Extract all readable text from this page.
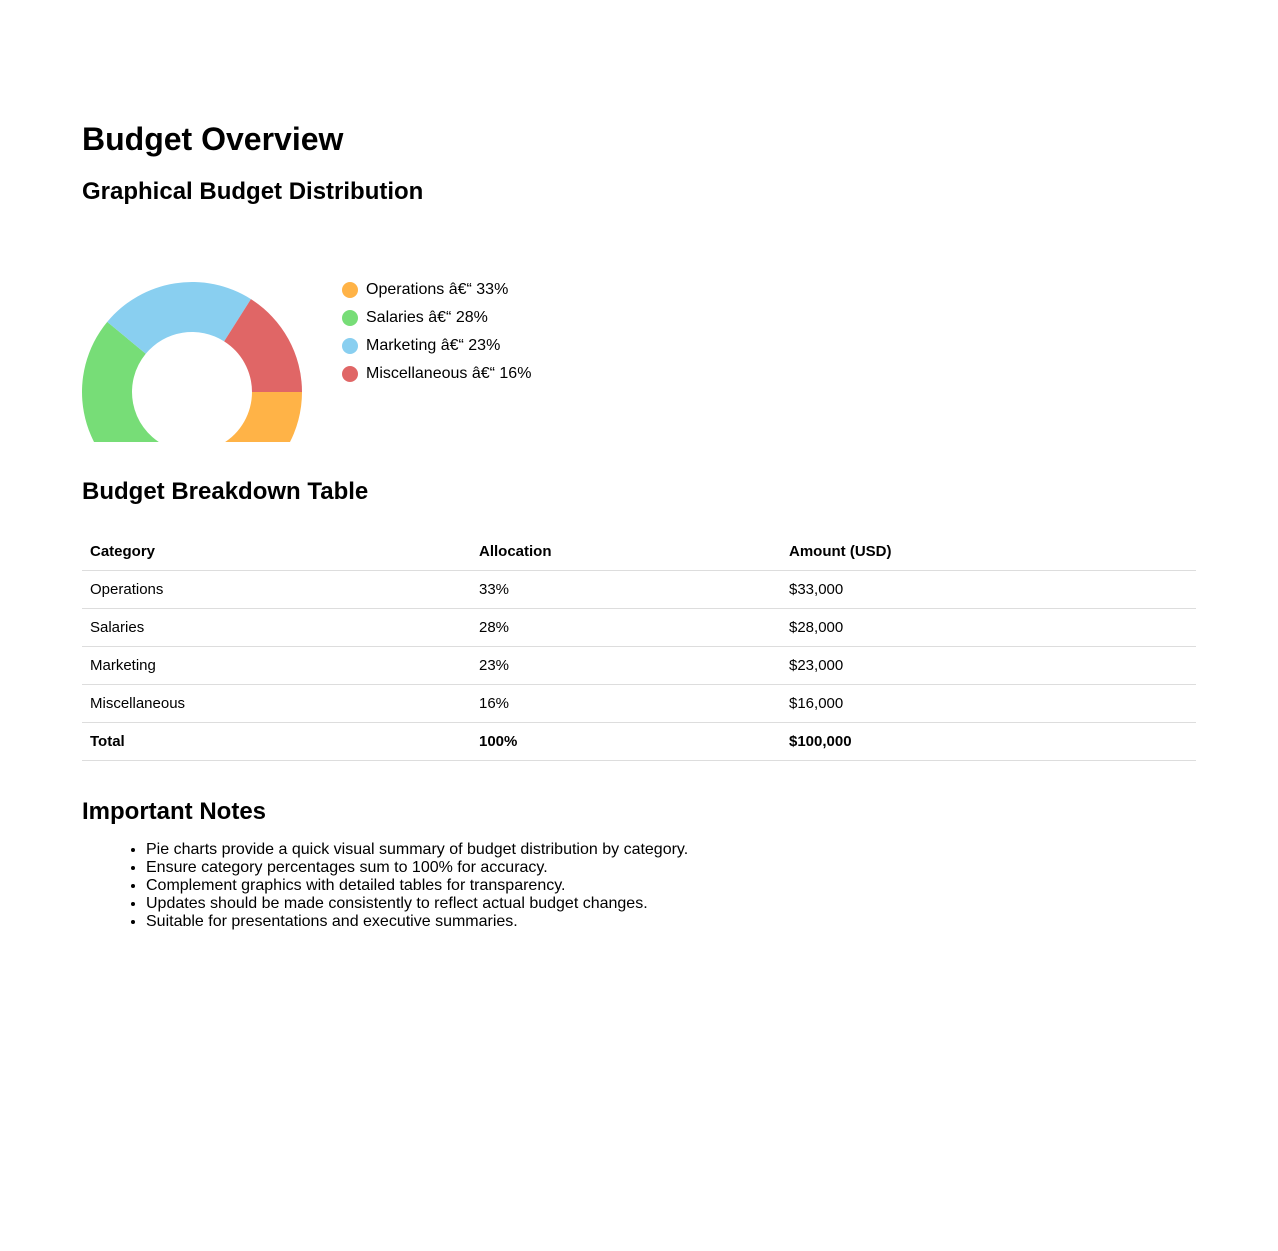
Budget Overview
Graphical Budget Distribution
Operations â€“ 33%
Salaries â€“ 28%
Marketing â€“ 23%
Miscellaneous â€“ 16%
Budget Breakdown Table
Category	Allocation	Amount (USD)
Operations	33%	$33,000
Salaries	28%	$28,000
Marketing	23%	$23,000
Miscellaneous	16%	$16,000
Total	100%	$100,000
Important Notes
• Pie charts provide a quick visual summary of budget distribution by category.
• Ensure category percentages sum to 100% for accuracy.
• Complement graphics with detailed tables for transparency.
• Updates should be made consistently to reflect actual budget changes.
• Suitable for presentations and executive summaries.
